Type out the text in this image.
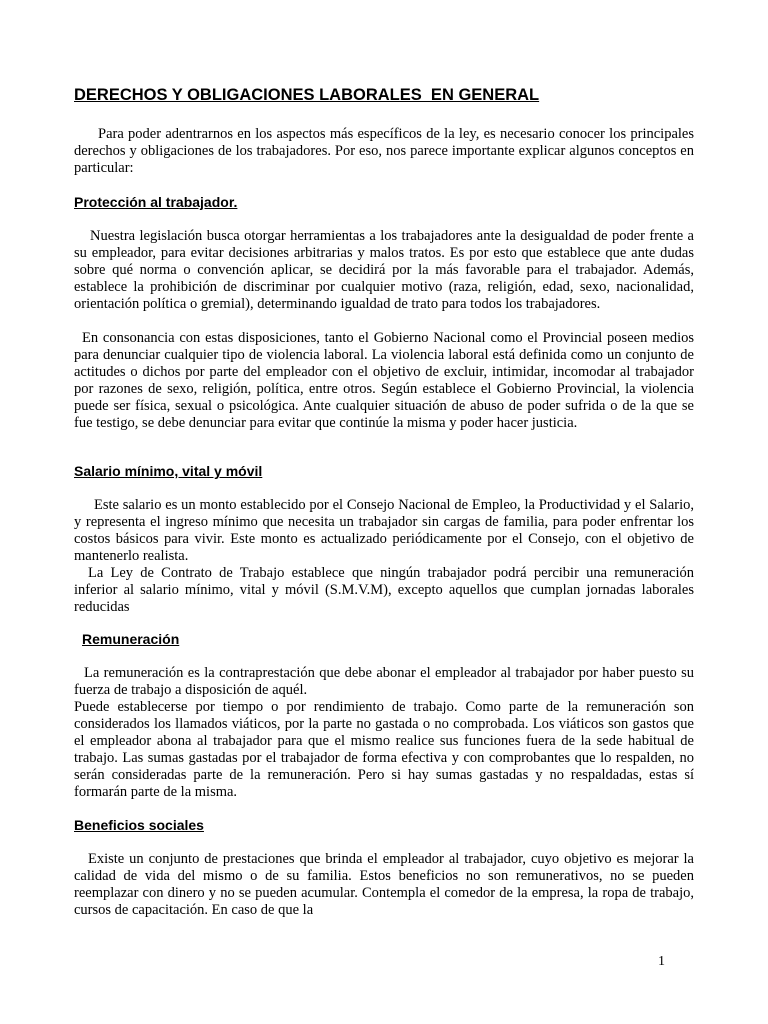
DERECHOS Y OBLIGACIONES LABORALES  EN GENERAL

Para poder adentrarnos en los aspectos más específicos de la ley, es necesario conocer los principales derechos y obligaciones de los trabajadores. Por eso, nos parece importante explicar algunos conceptos en particular:

Protección al trabajador.

Nuestra legislación busca otorgar herramientas a los trabajadores ante la desigualdad de poder frente a su empleador, para evitar decisiones arbitrarias y malos tratos. Es por esto que establece que ante dudas sobre qué norma o convención aplicar, se decidirá por la más favorable para el trabajador. Además, establece la prohibición de discriminar por cualquier motivo (raza, religión, edad, sexo, nacionalidad, orientación política o gremial), determinando igualdad de trato para todos los trabajadores.

En consonancia con estas disposiciones, tanto el Gobierno Nacional como el Provincial poseen medios para denunciar cualquier tipo de violencia laboral. La violencia laboral está definida como un conjunto de actitudes o dichos por parte del empleador con el objetivo de excluir, intimidar, incomodar al trabajador por razones de sexo, religión, política, entre otros. Según establece el Gobierno Provincial, la violencia puede ser física, sexual o psicológica. Ante cualquier situación de abuso de poder sufrida o de la que se fue testigo, se debe denunciar para evitar que continúe la misma y poder hacer justicia.

Salario mínimo, vital y móvil

Este salario es un monto establecido por el Consejo Nacional de Empleo, la Productividad y el Salario, y representa el ingreso mínimo que necesita un trabajador sin cargas de familia, para poder enfrentar los costos básicos para vivir. Este monto es actualizado periódicamente por el Consejo, con el objetivo de mantenerlo realista.

La Ley de Contrato de Trabajo establece que ningún trabajador podrá percibir una remuneración inferior al salario mínimo, vital y móvil (S.M.V.M), excepto aquellos que cumplan jornadas laborales reducidas

Remuneración

La remuneración es la contraprestación que debe abonar el empleador al trabajador por haber puesto su fuerza de trabajo a disposición de aquél.

Puede establecerse por tiempo o por rendimiento de trabajo. Como parte de la remuneración son considerados los llamados viáticos, por la parte no gastada o no comprobada. Los viáticos son gastos que el empleador abona al trabajador para que el mismo realice sus funciones fuera de la sede habitual de trabajo. Las sumas gastadas por el trabajador de forma efectiva y con comprobantes que lo respalden, no serán consideradas parte de la remuneración. Pero si hay sumas gastadas y no respaldadas, estas sí formarán parte de la misma.

Beneficios sociales

Existe un conjunto de prestaciones que brinda el empleador al trabajador, cuyo objetivo es mejorar la calidad de vida del mismo o de su familia. Estos beneficios no son remunerativos, no se pueden reemplazar con dinero y no se pueden acumular. Contempla el comedor de la empresa, la ropa de trabajo, cursos de capacitación. En caso de que la

1
